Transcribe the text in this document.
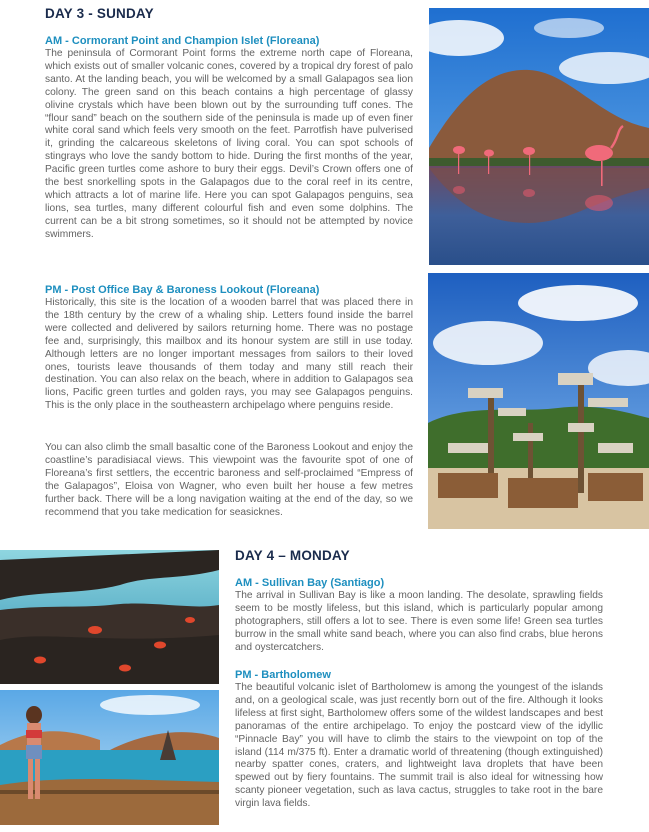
DAY 3 - SUNDAY
AM - Cormorant Point and Champion Islet (Floreana)

The peninsula of Cormorant Point forms the extreme north cape of Floreana, which exists out of smaller volcanic cones, covered by a tropical dry forest of palo santo. At the landing beach, you will be welcomed by a small Galapagos sea lion colony. The green sand on this beach contains a high percentage of glassy olivine crystals which have been blown out by the surrounding tuff cones. The “flour sand” beach on the southern side of the peninsula is made up of even finer white coral sand which feels very smooth on the feet. Parrotfish have pulverised it, grinding the calcareous skeletons of living coral. You can spot schools of stingrays who love the sandy bottom to hide. During the first months of the year, Pacific green turtles come ashore to bury their eggs. Devil’s Crown offers one of the best snorkelling spots in the Galapagos due to the coral reef in its centre, which attracts a lot of marine life. Here you can spot Galapagos penguins, sea lions, sea turtles, many different colourful fish and even some dolphins. The current can be a bit strong sometimes, so it should not be attempted by novice swimmers.

PM - Post Office Bay & Baroness Lookout (Floreana)

Historically, this site is the location of a wooden barrel that was placed there in the 18th century by the crew of a whaling ship. Letters found inside the barrel were collected and delivered by sailors returning home. There was no postage fee and, surprisingly, this mailbox and its honour system are still in use today. Although letters are no longer important messages from sailors to their loved ones, tourists leave thousands of them today and many still reach their destination. You can also relax on the beach, where in addition to Galapagos sea lions, Pacific green turtles and golden rays, you may see Galapagos penguins. This is the only place in the southeastern archipelago where penguins reside.

You can also climb the small basaltic cone of the Baroness Lookout and enjoy the coastline’s paradisiacal views. This viewpoint was the favourite spot of one of Floreana’s first settlers, the eccentric baroness and self-proclaimed “Empress of the Galapagos”, Eloisa von Wagner, who even built her house a few metres further back. There will be a long navigation waiting at the end of the day, so we recommend that you take medication for seasicknes.

DAY 4 – MONDAY
AM - Sullivan Bay (Santiago)

The arrival in Sullivan Bay is like a moon landing. The desolate, sprawling fields seem to be mostly lifeless, but this island, which is particularly popular among photographers, still offers a lot to see. There is even some life! Green sea turtles burrow in the small white sand beach, where you can also find crabs, blue herons and oystercatchers.

PM - Bartholomew

The beautiful volcanic islet of Bartholomew is among the youngest of the islands and, on a geological scale, was just recently born out of the fire. Although it looks lifeless at first sight, Bartholomew offers some of the wildest landscapes and best panoramas of the entire archipelago. To enjoy the postcard view of the idyllic “Pinnacle Bay” you will have to climb the stairs to the viewpoint on top of the island (114 m/375 ft). Enter a dramatic world of threatening (though extinguished) nearby spatter cones, craters, and lightweight lava droplets that have been spewed out by fiery fountains. The summit trail is also ideal for witnessing how scanty pioneer vegetation, such as lava cactus, struggles to take root in the bare virgin lava fields.
